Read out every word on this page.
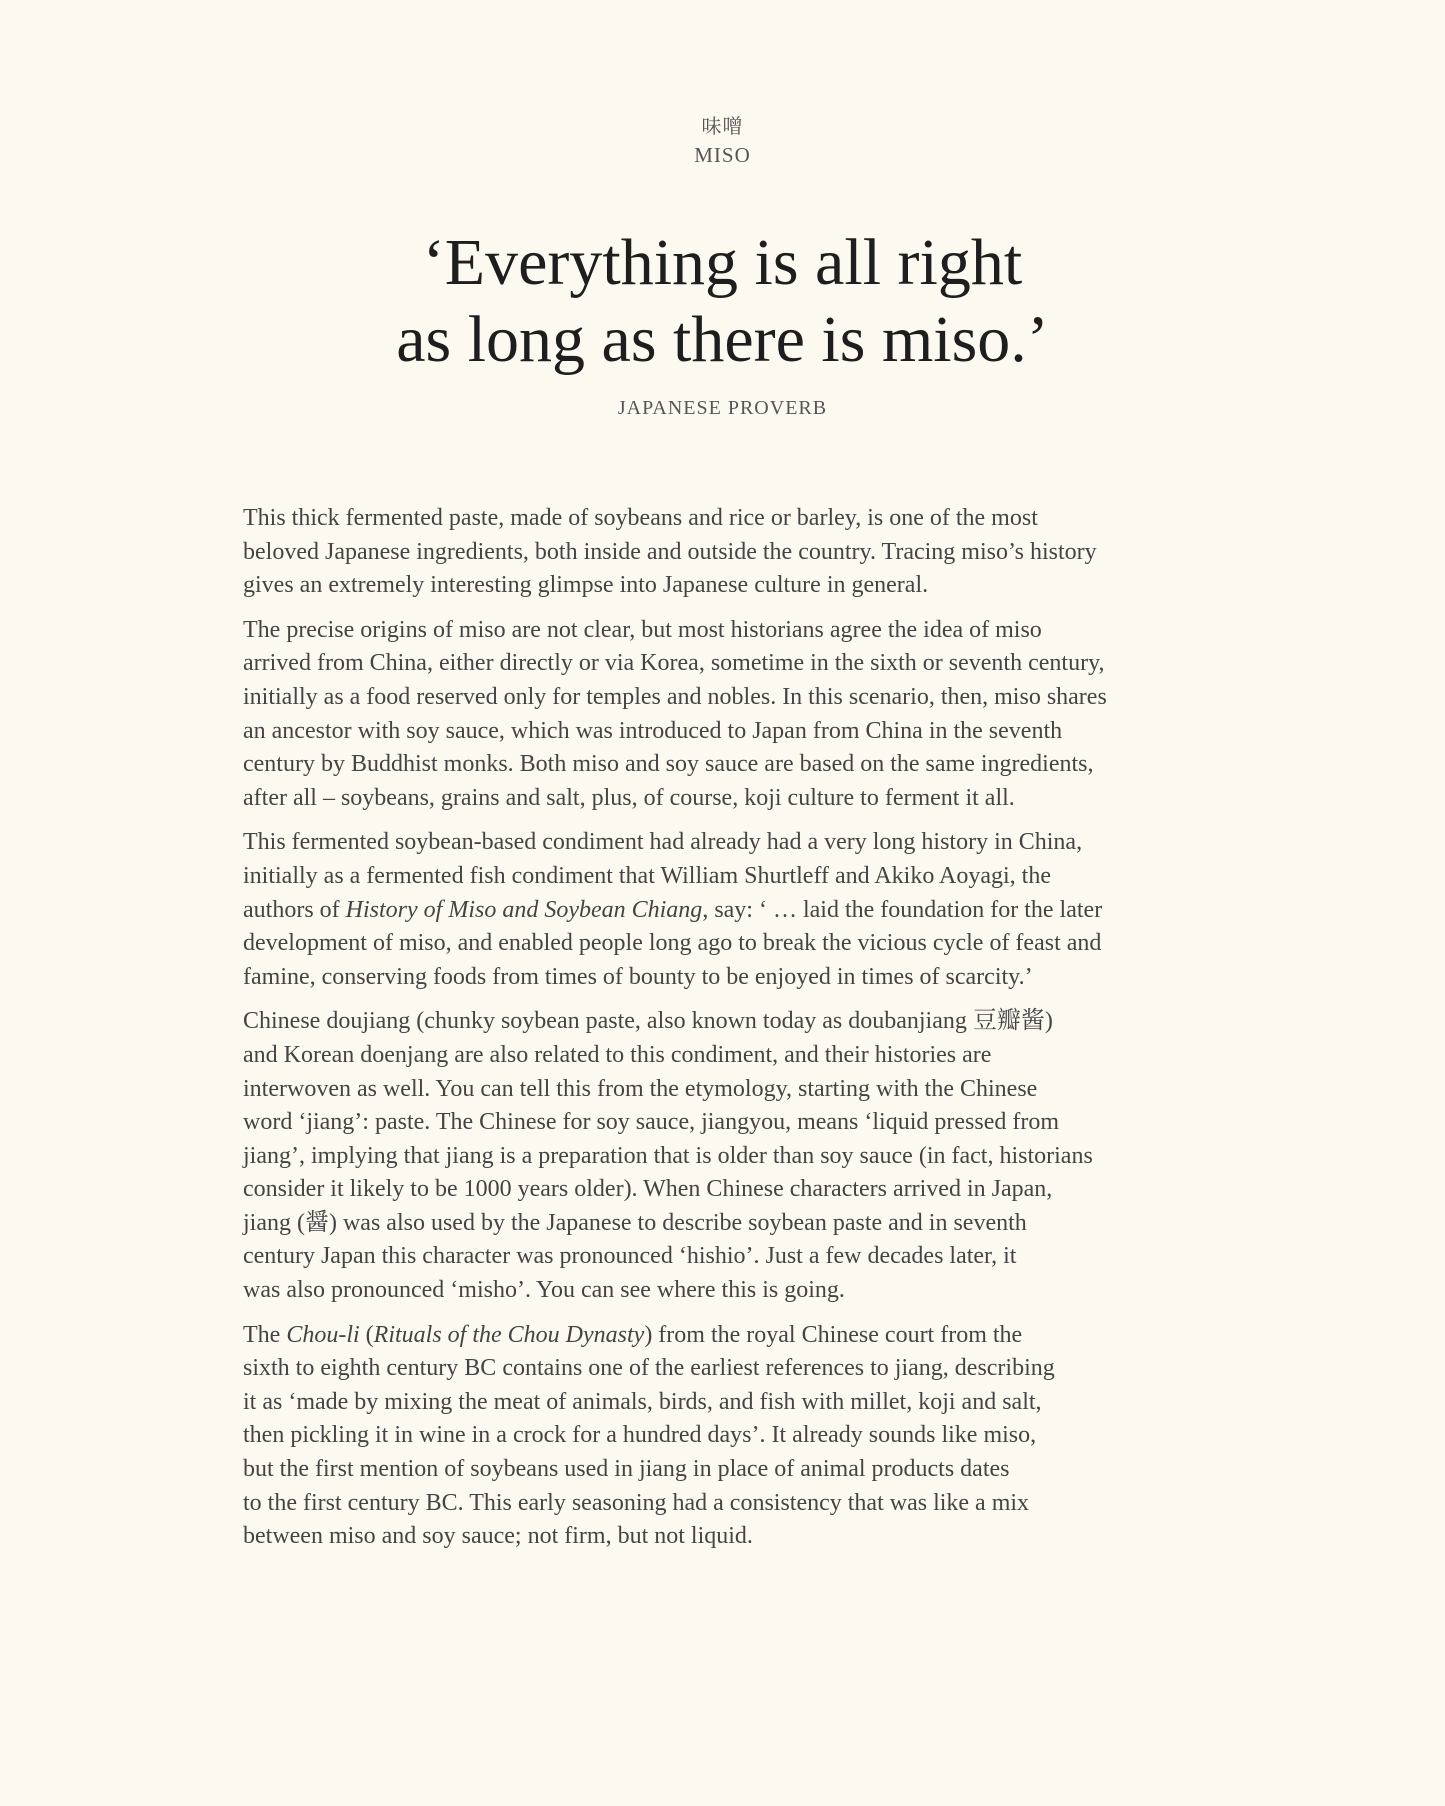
味噌
MISO
‘Everything is all right
as long as there is miso.’
JAPANESE PROVERB

This thick fermented paste, made of soybeans and rice or barley, is one of the most
beloved Japanese ingredients, both inside and outside the country. Tracing miso’s history
gives an extremely interesting glimpse into Japanese culture in general.

The precise origins of miso are not clear, but most historians agree the idea of miso
arrived from China, either directly or via Korea, sometime in the sixth or seventh century,
initially as a food reserved only for temples and nobles. In this scenario, then, miso shares
an ancestor with soy sauce, which was introduced to Japan from China in the seventh
century by Buddhist monks. Both miso and soy sauce are based on the same ingredients,
after all – soybeans, grains and salt, plus, of course, koji culture to ferment it all.

This fermented soybean-based condiment had already had a very long history in China,
initially as a fermented fish condiment that William Shurtleff and Akiko Aoyagi, the
authors of History of Miso and Soybean Chiang, say: ‘ … laid the foundation for the later
development of miso, and enabled people long ago to break the vicious cycle of feast and
famine, conserving foods from times of bounty to be enjoyed in times of scarcity.’

Chinese doujiang (chunky soybean paste, also known today as doubanjiang 豆瓣酱)
and Korean doenjang are also related to this condiment, and their histories are
interwoven as well. You can tell this from the etymology, starting with the Chinese
word ‘jiang’: paste. The Chinese for soy sauce, jiangyou, means ‘liquid pressed from
jiang’, implying that jiang is a preparation that is older than soy sauce (in fact, historians
consider it likely to be 1000 years older). When Chinese characters arrived in Japan,
jiang (醤) was also used by the Japanese to describe soybean paste and in seventh
century Japan this character was pronounced ‘hishio’. Just a few decades later, it
was also pronounced ‘misho’. You can see where this is going.

The Chou-li (Rituals of the Chou Dynasty) from the royal Chinese court from the
sixth to eighth century BC contains one of the earliest references to jiang, describing
it as ‘made by mixing the meat of animals, birds, and fish with millet, koji and salt,
then pickling it in wine in a crock for a hundred days’. It already sounds like miso,
but the first mention of soybeans used in jiang in place of animal products dates
to the first century BC. This early seasoning had a consistency that was like a mix
between miso and soy sauce; not firm, but not liquid.
